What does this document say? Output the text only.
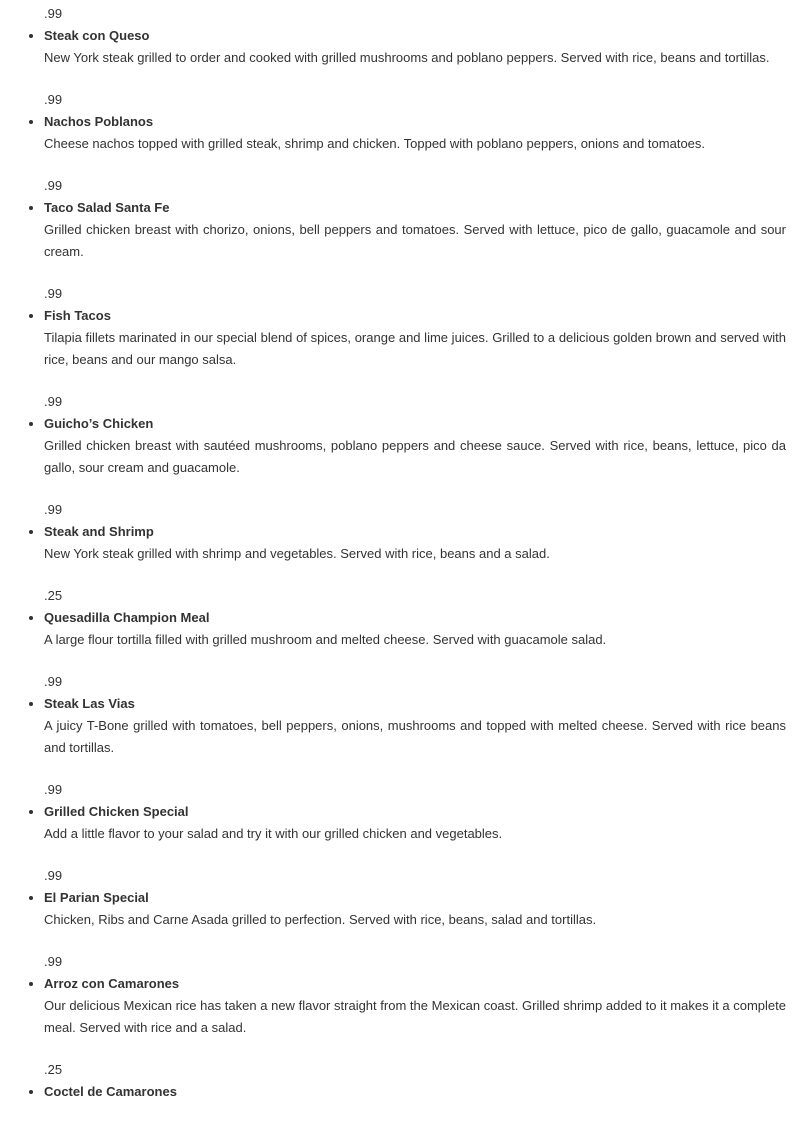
.99
• Steak con Queso
New York steak grilled to order and cooked with grilled mushrooms and poblano peppers. Served with rice, beans and tortillas.
.99
• Nachos Poblanos
Cheese nachos topped with grilled steak, shrimp and chicken. Topped with poblano peppers, onions and tomatoes.
.99
• Taco Salad Santa Fe
Grilled chicken breast with chorizo, onions, bell peppers and tomatoes. Served with lettuce, pico de gallo, guacamole and sour cream.
.99
• Fish Tacos
Tilapia fillets marinated in our special blend of spices, orange and lime juices. Grilled to a delicious golden brown and served with rice, beans and our mango salsa.
.99
• Guicho’s Chicken
Grilled chicken breast with sautéed mushrooms, poblano peppers and cheese sauce. Served with rice, beans, lettuce, pico da gallo, sour cream and guacamole.
.99
• Steak and Shrimp
New York steak grilled with shrimp and vegetables. Served with rice, beans and a salad.
.25
• Quesadilla Champion Meal
A large flour tortilla filled with grilled mushroom and melted cheese. Served with guacamole salad.
.99
• Steak Las Vias
A juicy T-Bone grilled with tomatoes, bell peppers, onions, mushrooms and topped with melted cheese. Served with rice beans and tortillas.
.99
• Grilled Chicken Special
Add a little flavor to your salad and try it with our grilled chicken and vegetables.
.99
• El Parian Special
Chicken, Ribs and Carne Asada grilled to perfection. Served with rice, beans, salad and tortillas.
.99
• Arroz con Camarones
Our delicious Mexican rice has taken a new flavor straight from the Mexican coast. Grilled shrimp added to it makes it a complete meal. Served with rice and a salad.
.25
• Coctel de Camarones
